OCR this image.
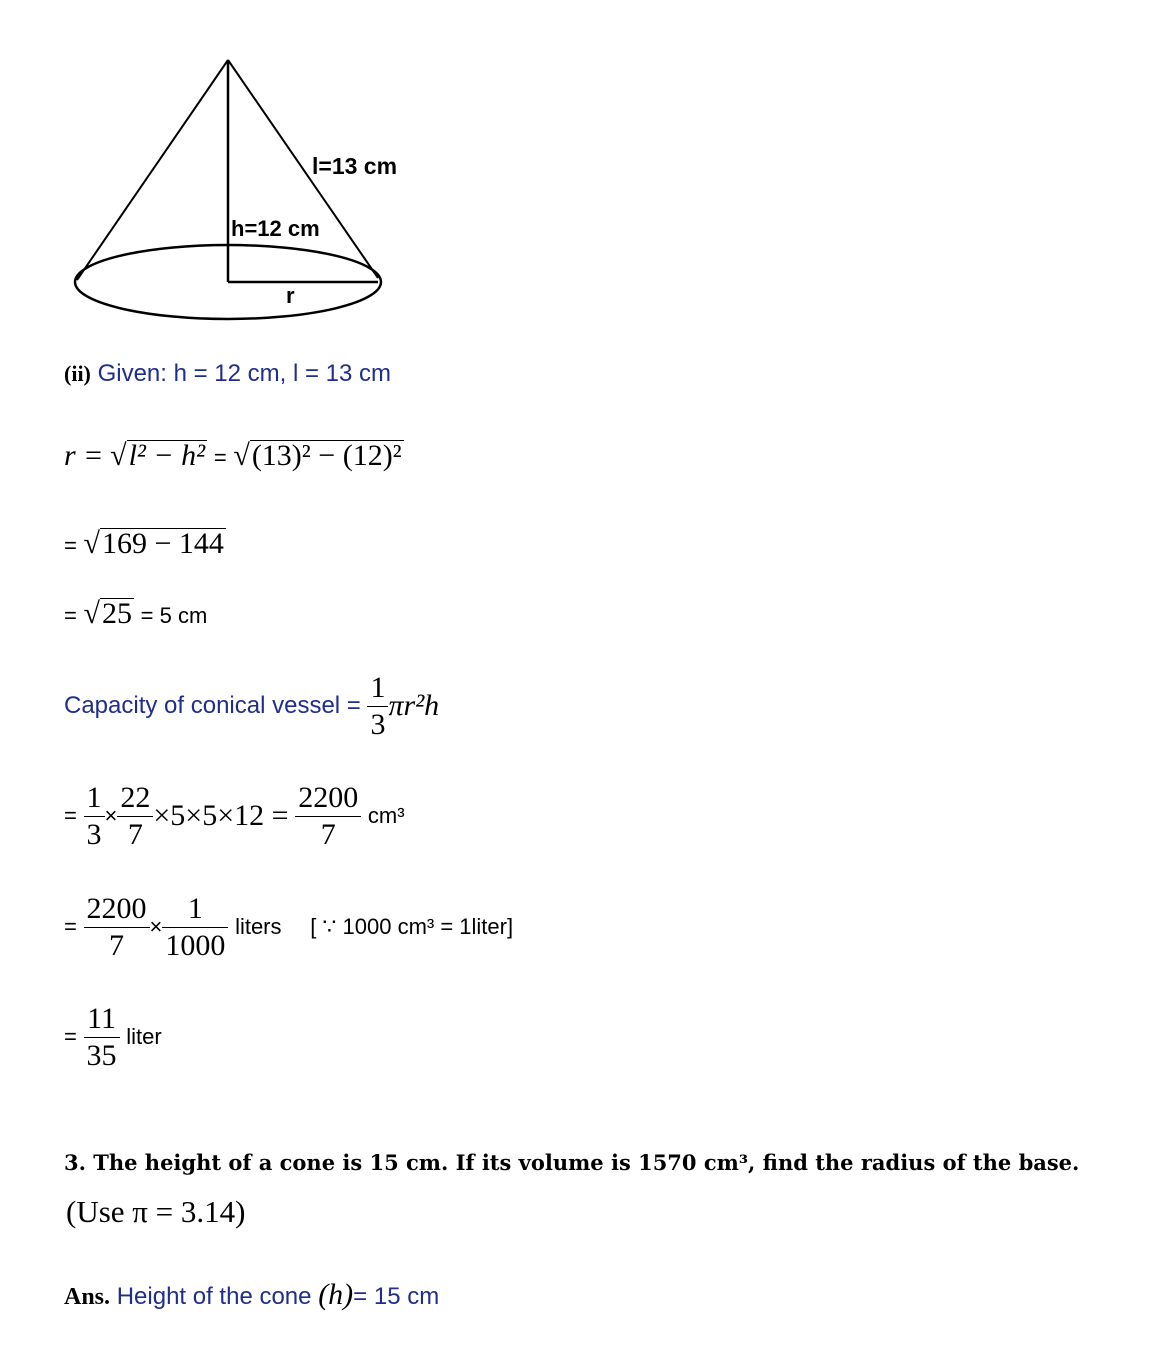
l=13 cm
h=12 cm
r
(ii) Given: h = 12 cm, l = 13 cm
r = √l² − h² = √(13)² − (12)²
= √169 − 144
= √25 = 5 cm
Capacity of conical vessel = $\frac{1}{3} \pi r^2h$
= $\frac{1}{3} \times \frac{22}{7} \times 5\times 5\times 12 = \frac{2200}{7} cm^3$
= $\frac{2200}{7} \times \frac{1}{1000}$ liters [ ∵ 1000 cm³ = 1liter]
= $\frac{11}{35}$ liter
3. The height of a cone is 15 cm. If its volume is 1570 cm³, find the radius of the base.
(Use π = 3.14)
Ans. Height of the cone (h)= 15 cm
